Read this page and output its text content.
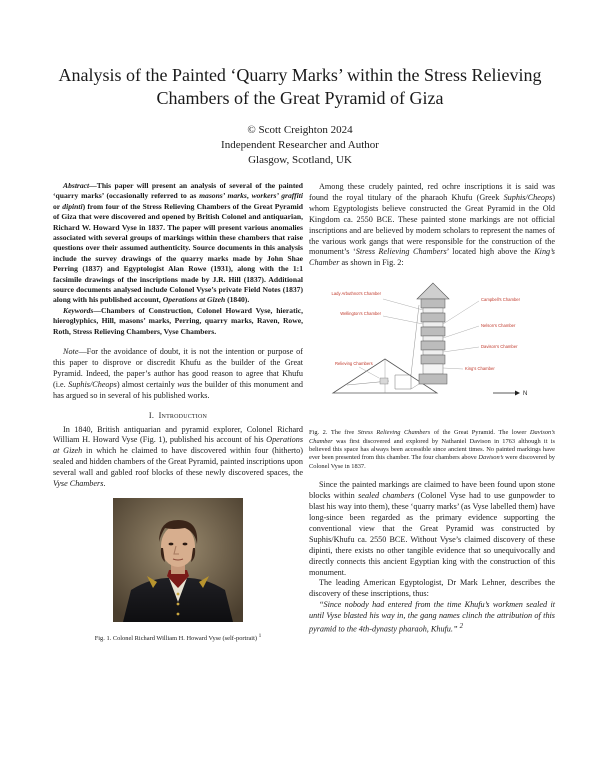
Analysis of the Painted ‘Quarry Marks’ within the Stress Relieving Chambers of the Great Pyramid of Giza
© Scott Creighton 2024
Independent Researcher and Author
Glasgow, Scotland, UK

Abstract—This paper will present an analysis of several of the painted ‘quarry marks’ (occasionally referred to as masons’ marks, workers’ graffiti or dipinti) from four of the Stress Relieving Chambers of the Great Pyramid of Giza that were discovered and opened by British Colonel and antiquarian, Richard W. Howard Vyse in 1837. The paper will present various anomalies associated with several groups of markings within these chambers that raise questions over their assumed authenticity. Source documents in this analysis include the survey drawings of the quarry marks made by John Shae Perring (1837) and Egyptologist Alan Rowe (1931), along with the 1:1 facsimile drawings of the inscriptions made by J.R. Hill (1837). Additional source documents analysed include Colonel Vyse’s private Field Notes (1837) along with his published account, Operations at Gizeh (1840).

Keywords—Chambers of Construction, Colonel Howard Vyse, hieratic, hieroglyphics, Hill, masons’ marks, Perring, quarry marks, Raven, Rowe, Roth, Stress Relieving Chambers, Vyse Chambers.

Note—For the avoidance of doubt, it is not the intention or purpose of this paper to disprove or discredit Khufu as the builder of the Great Pyramid. Indeed, the paper’s author has good reason to agree that Khufu (i.e. Suphis/Cheops) almost certainly was the builder of this monument and has argued so in several of his published works.

I. Introduction

In 1840, British antiquarian and pyramid explorer, Colonel Richard William H. Howard Vyse (Fig. 1), published his account of his Operations at Gizeh in which he claimed to have discovered within four (hitherto) sealed and hidden chambers of the Great Pyramid, painted inscriptions upon several wall and gabled roof blocks of these newly discovered spaces, the Vyse Chambers.

Fig. 1. Colonel Richard William H. Howard Vyse (self-portrait) $^1$

Among these crudely painted, red ochre inscriptions it is said was found the royal titulary of the pharaoh Khufu (Greek Suphis/Cheops) whom Egyptologists believe constructed the Great Pyramid in the Old Kingdom ca. 2550 BCE. These painted stone markings are not official inscriptions and are believed by modern scholars to represent the names of the various work gangs that were responsible for the construction of the monument’s ‘Stress Relieving Chambers’ located high above the King’s Chamber as shown in Fig. 2:

Lady Arbuthnot’s Chamber
Wellington’s Chamber
Campbell’s Chamber
Nelson’s Chamber
Davison’s Chamber
King’s Chamber
Relieving Chambers
N
Fig. 2. The five Stress Relieving Chambers of the Great Pyramid. The lower Davison’s Chamber was first discovered and explored by Nathaniel Davison in 1763 although it is believed this space has always been accessible since ancient times. No painted markings have ever been presented from this chamber. The four chambers above Davison’s were discovered by Colonel Vyse in 1837.

Since the painted markings are claimed to have been found upon stone blocks within sealed chambers (Colonel Vyse had to use gunpowder to blast his way into them), these ‘quarry marks’ (as Vyse labelled them) have long-since been regarded as the primary evidence supporting the conventional view that the Great Pyramid was constructed by Suphis/Khufu ca. 2550 BCE. Without Vyse’s claimed discovery of these dipinti, there exists no other tangible evidence that so unequivocally and directly connects this ancient Egyptian king with the construction of this monument.

The leading American Egyptologist, Dr Mark Lehner, describes the discovery of these inscriptions, thus:

“Since nobody had entered from the time Khufu’s workmen sealed it until Vyse blasted his way in, the gang names clinch the attribution of this pyramid to the 4th-dynasty pharaoh, Khufu.” $^2$
